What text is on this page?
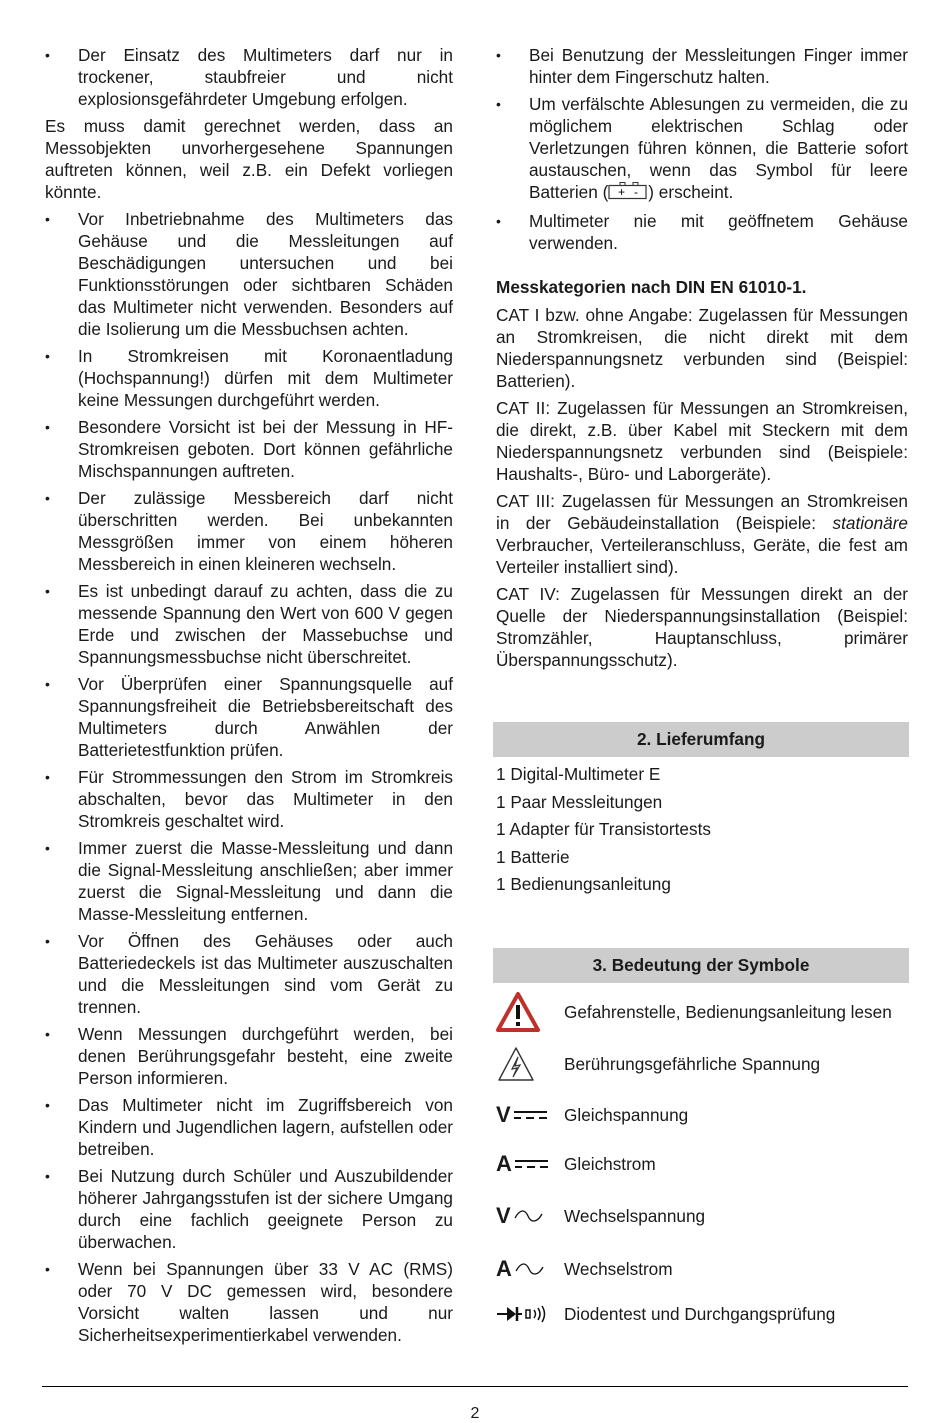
• Der Einsatz des Multimeters darf nur in trockener, staubfreier und nicht explosionsgefährdeter Umgebung erfolgen.

Es muss damit gerechnet werden, dass an Messobjekten unvorhergesehene Spannungen auftreten können, weil z.B. ein Defekt vorliegen könnte.

• Vor Inbetriebnahme des Multimeters das Gehäuse und die Messleitungen auf Beschädigungen untersuchen und bei Funktionsstörungen oder sichtbaren Schäden das Multimeter nicht verwenden. Besonders auf die Isolierung um die Messbuchsen achten.
• In Stromkreisen mit Koronaentladung (Hochspannung!) dürfen mit dem Multimeter keine Messungen durchgeführt werden.
• Besondere Vorsicht ist bei der Messung in HF-Stromkreisen geboten. Dort können gefährliche Mischspannungen auftreten.
• Der zulässige Messbereich darf nicht überschritten werden. Bei unbekannten Messgrößen immer von einem höheren Messbereich in einen kleineren wechseln.
• Es ist unbedingt darauf zu achten, dass die zu messende Spannung den Wert von 600 V gegen Erde und zwischen der Massebuchse und Spannungsmessbuchse nicht überschreitet.
• Vor Überprüfen einer Spannungsquelle auf Spannungsfreiheit die Betriebsbereitschaft des Multimeters durch Anwählen der Batterietestfunktion prüfen.
• Für Strommessungen den Strom im Stromkreis abschalten, bevor das Multimeter in den Stromkreis geschaltet wird.
• Immer zuerst die Masse-Messleitung und dann die Signal-Messleitung anschließen; aber immer zuerst die Signal-Messleitung und dann die Masse-Messleitung entfernen.
• Vor Öffnen des Gehäuses oder auch Batteriedeckels ist das Multimeter auszuschalten und die Messleitungen sind vom Gerät zu trennen.
• Wenn Messungen durchgeführt werden, bei denen Berührungsgefahr besteht, eine zweite Person informieren.
• Das Multimeter nicht im Zugriffsbereich von Kindern und Jugendlichen lagern, aufstellen oder betreiben.
• Bei Nutzung durch Schüler und Auszubildender höherer Jahrgangsstufen ist der sichere Umgang durch eine fachlich geeignete Person zu überwachen.
• Wenn bei Spannungen über 33 V AC (RMS) oder 70 V DC gemessen wird, besondere Vorsicht walten lassen und nur Sicherheitsexperimentierkabel verwenden.
• Bei Benutzung der Messleitungen Finger immer hinter dem Fingerschutz halten.
• Um verfälschte Ablesungen zu vermeiden, die zu möglichem elektrischen Schlag oder Verletzungen führen können, die Batterie sofort austauschen, wenn das Symbol für leere Batterien ( + - ) erscheint.
• Multimeter nie mit geöffnetem Gehäuse verwenden.
Messkategorien nach DIN EN 61010-1.

CAT I bzw. ohne Angabe: Zugelassen für Messungen an Stromkreisen, die nicht direkt mit dem Niederspannungsnetz verbunden sind (Beispiel: Batterien).

CAT II: Zugelassen für Messungen an Stromkreisen, die direkt, z.B. über Kabel mit Steckern mit dem Niederspannungsnetz verbunden sind (Beispiele: Haushalts-, Büro- und Laborgeräte).

CAT III: Zugelassen für Messungen an Stromkreisen in der Gebäudeinstallation (Beispiele: stationäre Verbraucher, Verteileranschluss, Geräte, die fest am Verteiler installiert sind).

CAT IV: Zugelassen für Messungen direkt an der Quelle der Niederspannungsinstallation (Beispiel: Stromzähler, Hauptanschluss, primärer Überspannungsschutz).

2. Lieferumfang
1 Digital-Multimeter E
1 Paar Messleitungen
1 Adapter für Transistortests
1 Batterie
1 Bedienungsanleitung
3. Bedeutung der Symbole
Gefahrenstelle, Bedienungsanleitung lesen
Berührungsgefährliche Spannung
V	Gleichspannung
A	Gleichstrom
V	Wechselspannung
A	Wechselstrom
Diodentest und Durchgangsprüfung
2
